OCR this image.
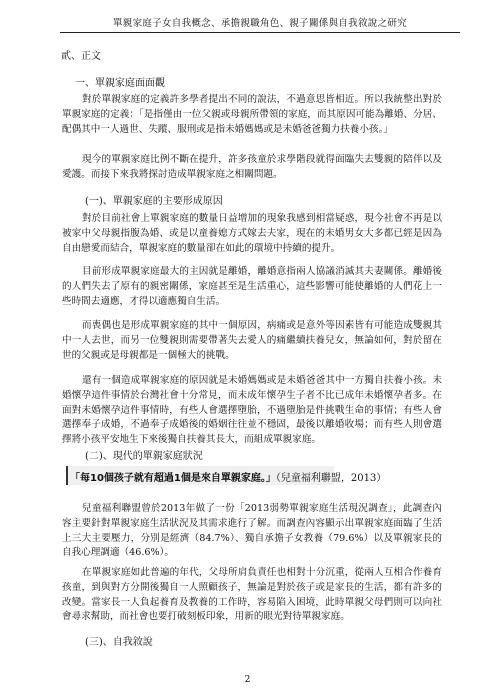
單親家庭子女自我概念、承擔親職角色、親子關係與自我敘說之研究
貳、正文
一、單親家庭面面觀
對於單親家庭的定義許多學者提出不同的說法，不過意思皆相近。所以我統整出對於單親家庭的定義：「是指僅由一位父親或母親所帶領的家庭，而其原因可能為離婚、分居、配偶其中一人過世、失蹤、服刑或是指未婚媽媽或是未婚爸爸獨力扶養小孩。」
現今的單親家庭比例不斷在提升，許多孩童於求學階段就得面臨失去雙親的陪伴以及愛護。而接下來我將探討造成單親家庭之相關問題。
(一)、單親家庭的主要形成原因
對於目前社會上單親家庭的數量日益增加的現象我感到相當疑惑，現今社會不再是以被家中父母親指腹為婚、或是以童養媳方式嫁去夫家，現在的未婚男女大多都已經是因為自由戀愛而結合，單親家庭的數量卻在如此的環境中持續的提升。
目前形成單親家庭最大的主因就是離婚，離婚意指兩人協議消滅其夫妻關係。離婚後的人們失去了原有的親密關係，家庭甚至是生活重心，這些影響可能使離婚的人們花上一些時間去適應，才得以適應獨自生活。
而喪偶也是形成單親家庭的其中一個原因，病痛或是意外等因素皆有可能造成雙親其中一人去世，而另一位雙親則需要帶著失去愛人的痛繼續扶養兒女，無論如何，對於留在世的父親或是母親都是一個極大的挑戰。
還有一個造成單親家庭的原因就是未婚媽媽或是未婚爸爸其中一方獨自扶養小孩。未婚懷孕這件事情於台灣社會十分常見，而未成年懷孕生子者不比已成年未婚懷孕者多。在面對未婚懷孕這件事情時，有些人會選擇墮胎，不過墮胎是件挑戰生命的事情；有些人會選擇奉子成婚，不過奉子成婚後的婚姻往往並不穩固，最後以離婚收場；而有些人則會選擇將小孩平安地生下來後獨自扶養其長大，而組成單親家庭。
(二)、現代的單親家庭狀況
「每10個孩子就有超過1個是來自單親家庭。」（兒童福利聯盟，2013）
兒童福利聯盟曾於2013年做了一份「2013弱勢單親家庭生活現況調查」，此調查內容主要針對單親家庭生活狀況及其需求進行了解。而調查內容顯示出單親家庭面臨了生活上三大主要壓力，分別是經濟（84.7%）、獨自承擔子女教養（79.6%）以及單親家長的自我心理調適（46.6%）。
在單親家庭如此普遍的年代，父母所肩負責任也相對十分沉重，從兩人互相合作養育孩童，到與對方分開後獨自一人照顧孩子，無論是對於孩子或是家長的生活，都有許多的改變。當家長一人負起養育及教養的工作時，容易陷入困境，此時單親父母們則可以向社會尋求幫助，而社會也要打破刻板印象，用新的眼光對待單親家庭。
(三)、自我敘說
2
